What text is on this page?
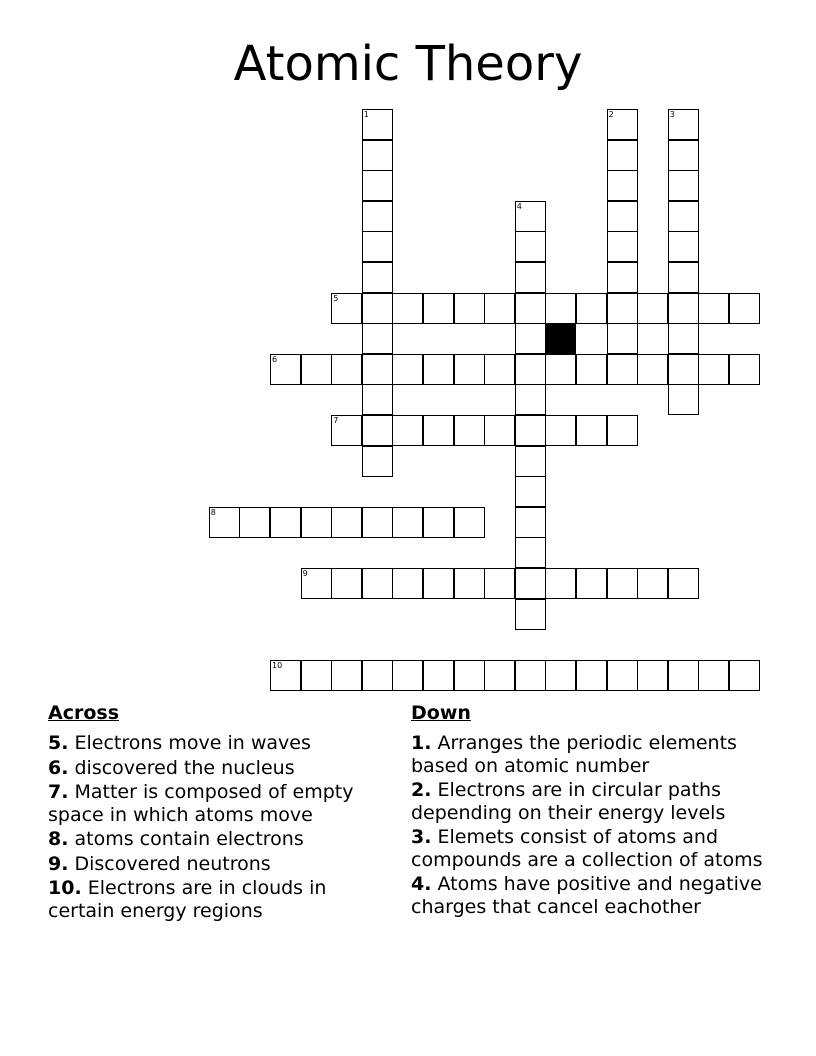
Atomic Theory
1	2	3
4
5
6
7
8
9
10
Across
5. Electrons move in waves
6. discovered the nucleus
7. Matter is composed of empty space in which atoms move
8. atoms contain electrons
9. Discovered neutrons
10. Electrons are in clouds in certain energy regions
Down
1. Arranges the periodic elements based on atomic number
2. Electrons are in circular paths depending on their energy levels
3. Elemets consist of atoms and compounds are a collection of atoms
4. Atoms have positive and negative charges that cancel eachother
